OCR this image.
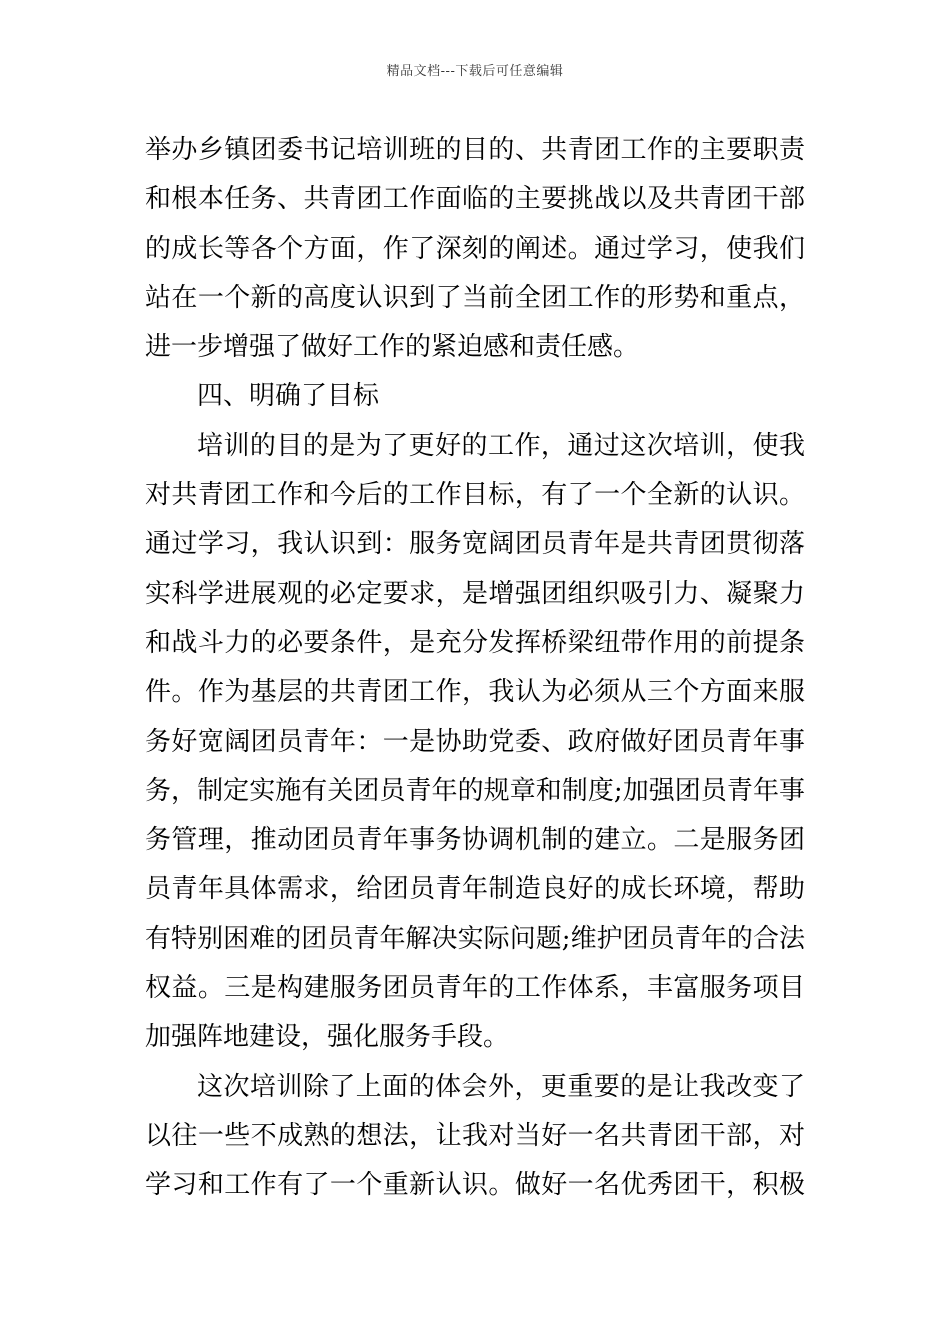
精品文档---下载后可任意编辑
举办乡镇团委书记培训班的目的、共青团工作的主要职责
和根本任务、共青团工作面临的主要挑战以及共青团干部
的成长等各个方面，作了深刻的阐述。通过学习，使我们
站在一个新的高度认识到了当前全团工作的形势和重点，
进一步增强了做好工作的紧迫感和责任感。
四、明确了目标
培训的目的是为了更好的工作，通过这次培训，使我
对共青团工作和今后的工作目标，有了一个全新的认识。
通过学习，我认识到：服务宽阔团员青年是共青团贯彻落
实科学进展观的必定要求，是增强团组织吸引力、凝聚力
和战斗力的必要条件，是充分发挥桥梁纽带作用的前提条
件。作为基层的共青团工作，我认为必须从三个方面来服
务好宽阔团员青年：一是协助党委、政府做好团员青年事
务，制定实施有关团员青年的规章和制度;加强团员青年事
务管理，推动团员青年事务协调机制的建立。二是服务团
员青年具体需求，给团员青年制造良好的成长环境，帮助
有特别困难的团员青年解决实际问题;维护团员青年的合法
权益。三是构建服务团员青年的工作体系，丰富服务项目
加强阵地建设，强化服务手段。
这次培训除了上面的体会外，更重要的是让我改变了
以往一些不成熟的想法，让我对当好一名共青团干部，对
学习和工作有了一个重新认识。做好一名优秀团干，积极
